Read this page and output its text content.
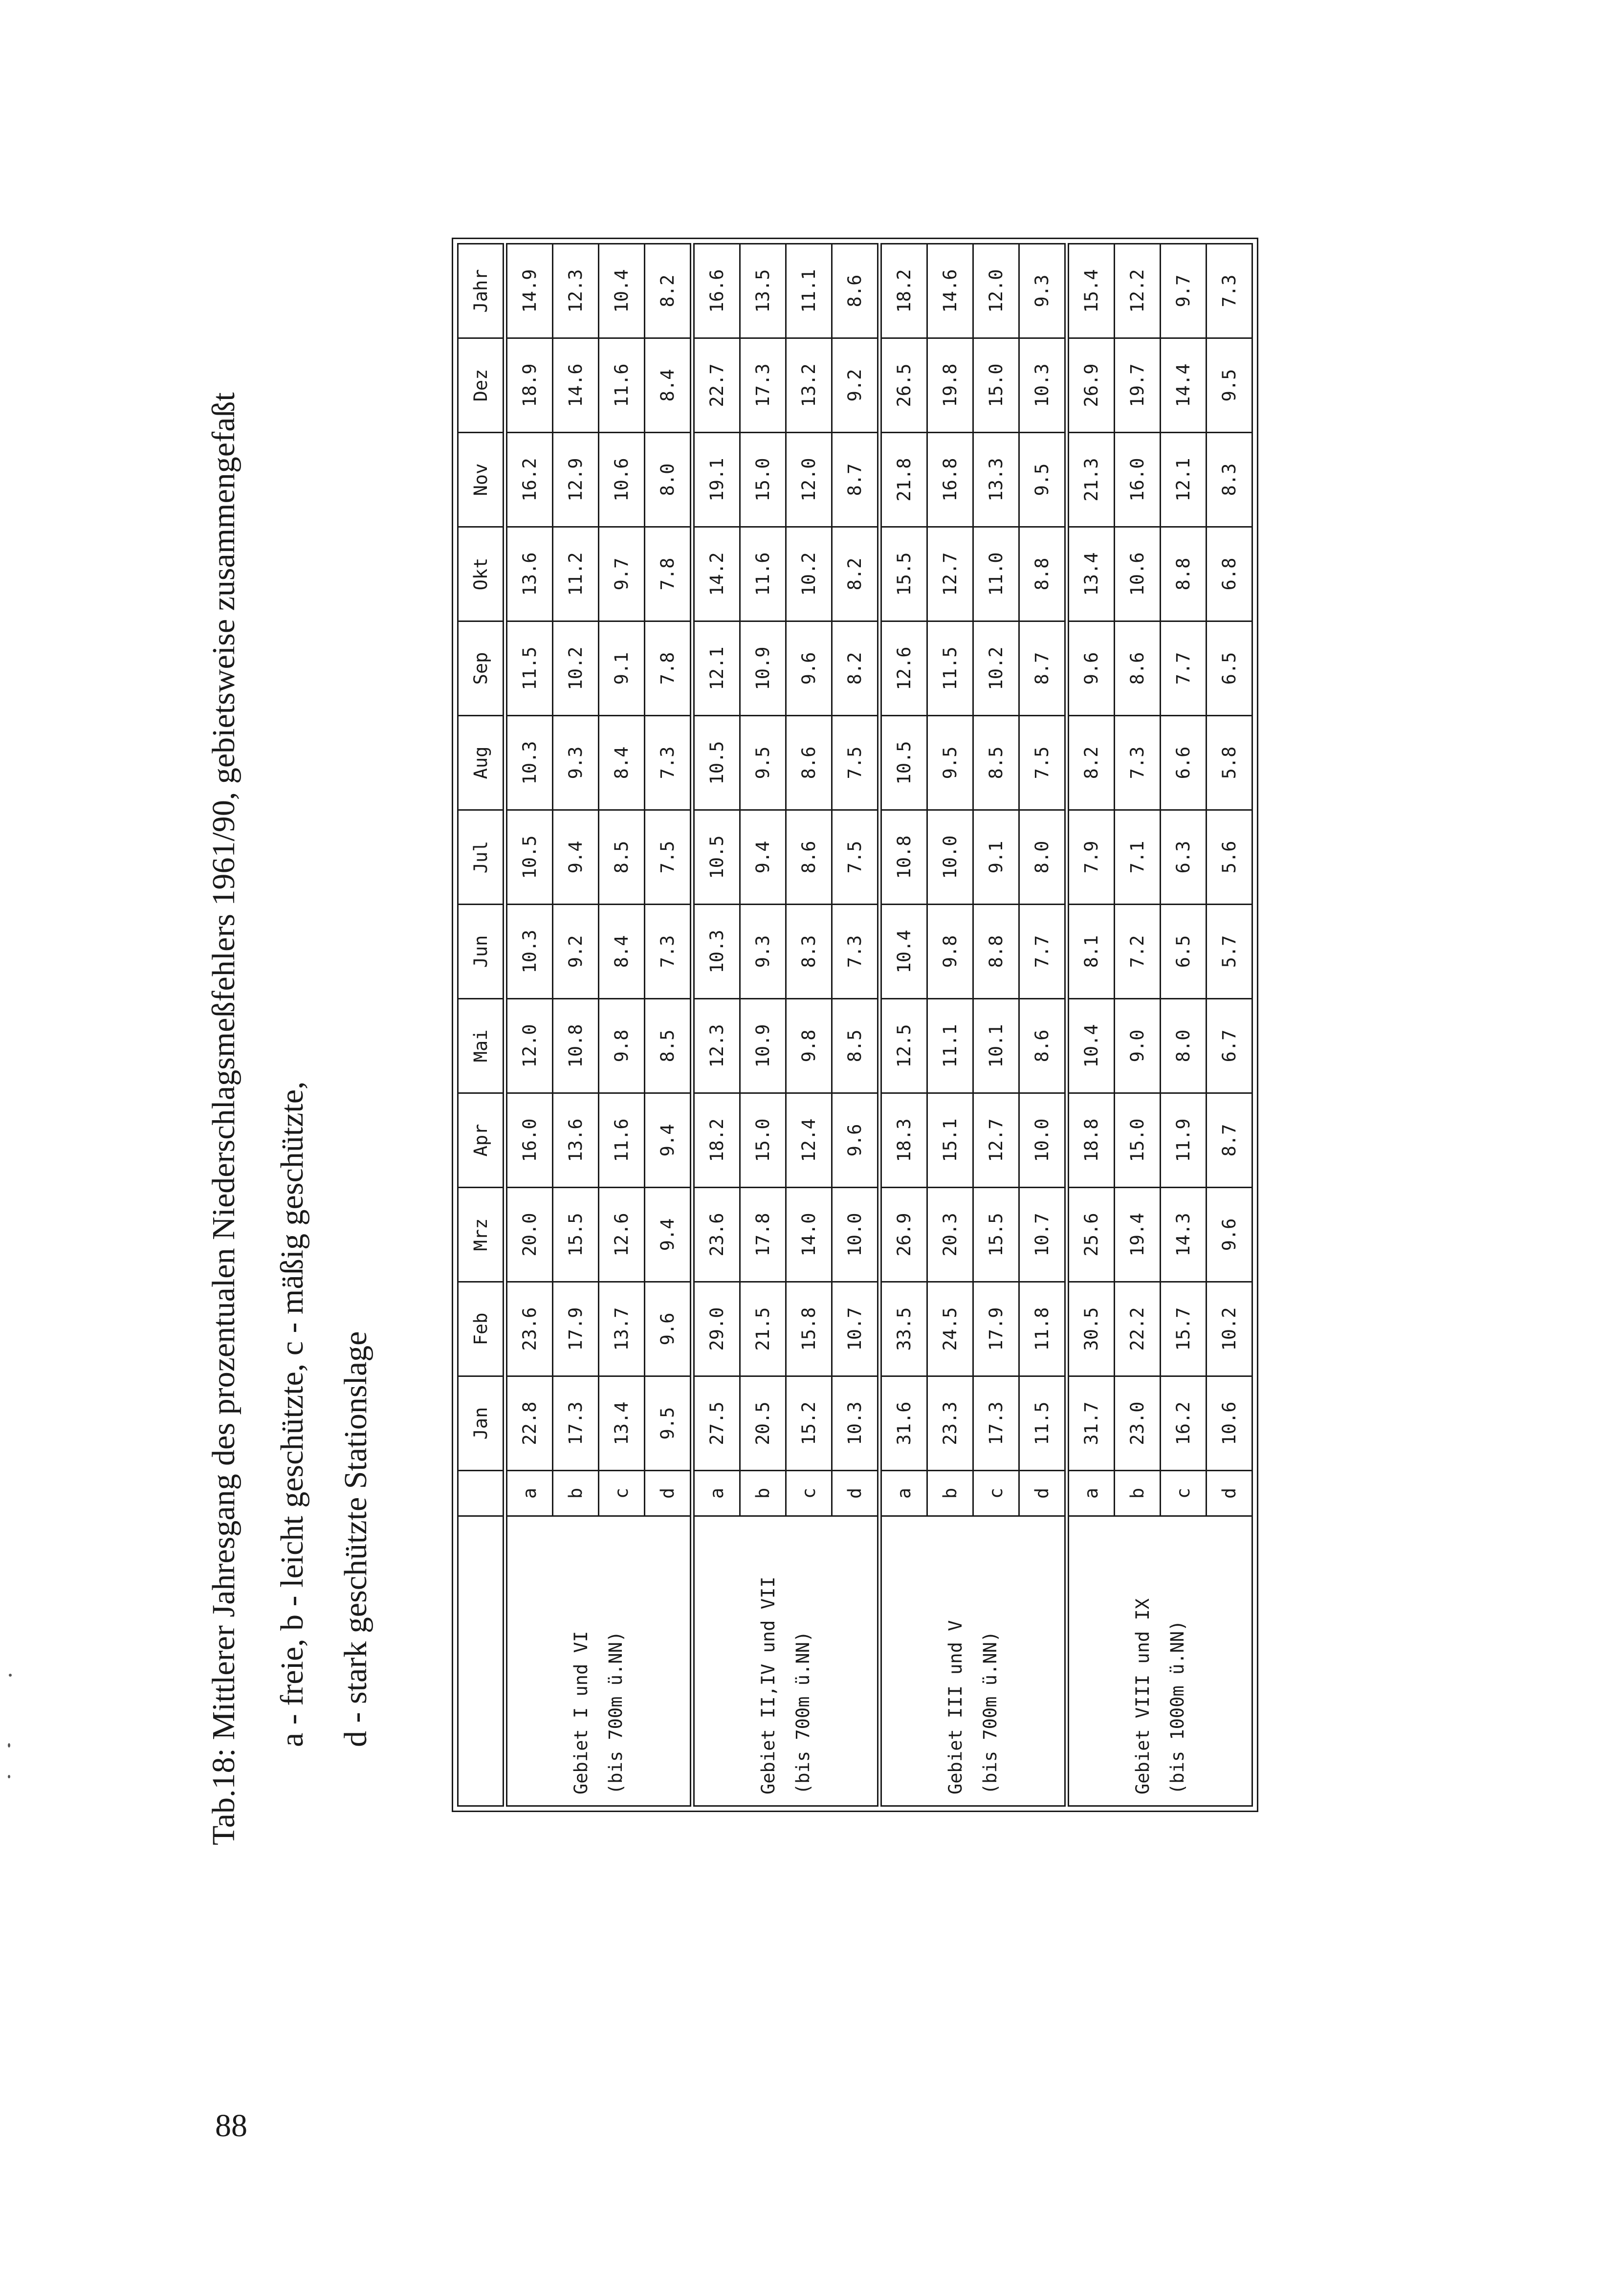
Tab.18: Mittlerer Jahresgang des prozentualen Niederschlagsmeßfehlers 1961/90, gebietsweise zusammengefaßt a - freie, b - leicht geschützte, c - mäßig geschützte, d - stark geschützte Stationslage
			Jan	Feb	Mrz	Apr	Mai	Jun	Jul	Aug	Sep	Okt	Nov	Dez	Jahr

Gebiet I und VI (bis 700m ü.NN)	a	22.8	23.6	20.0	16.0	12.0	10.3	10.5	10.3	11.5	13.6	16.2	18.9	14.9
	b	17.3	17.9	15.5	13.6	10.8	9.2	9.4	9.3	10.2	11.2	12.9	14.6	12.3
	c	13.4	13.7	12.6	11.6	9.8	8.4	8.5	8.4	9.1	9.7	10.6	11.6	10.4
	d	9.5	9.6	9.4	9.4	8.5	7.3	7.5	7.3	7.8	7.8	8.0	8.4	8.2

Gebiet II,IV und VII (bis 700m ü.NN)	a	27.5	29.0	23.6	18.2	12.3	10.3	10.5	10.5	12.1	14.2	19.1	22.7	16.6
	b	20.5	21.5	17.8	15.0	10.9	9.3	9.4	9.5	10.9	11.6	15.0	17.3	13.5
	c	15.2	15.8	14.0	12.4	9.8	8.3	8.6	8.6	9.6	10.2	12.0	13.2	11.1
	d	10.3	10.7	10.0	9.6	8.5	7.3	7.5	7.5	8.2	8.2	8.7	9.2	8.6

Gebiet III und V (bis 700m ü.NN)	a	31.6	33.5	26.9	18.3	12.5	10.4	10.8	10.5	12.6	15.5	21.8	26.5	18.2
	b	23.3	24.5	20.3	15.1	11.1	9.8	10.0	9.5	11.5	12.7	16.8	19.8	14.6
	c	17.3	17.9	15.5	12.7	10.1	8.8	9.1	8.5	10.2	11.0	13.3	15.0	12.0
	d	11.5	11.8	10.7	10.0	8.6	7.7	8.0	7.5	8.7	8.8	9.5	10.3	9.3

Gebiet VIII und IX (bis 1000m ü.NN)	a	31.7	30.5	25.6	18.8	10.4	8.1	7.9	8.2	9.6	13.4	21.3	26.9	15.4
	b	23.0	22.2	19.4	15.0	9.0	7.2	7.1	7.3	8.6	10.6	16.0	19.7	12.2
	c	16.2	15.7	14.3	11.9	8.0	6.5	6.3	6.6	7.7	8.8	12.1	14.4	9.7
	d	10.6	10.2	9.6	8.7	6.7	5.7	5.6	5.8	6.5	6.8	8.3	9.5	7.3
88
